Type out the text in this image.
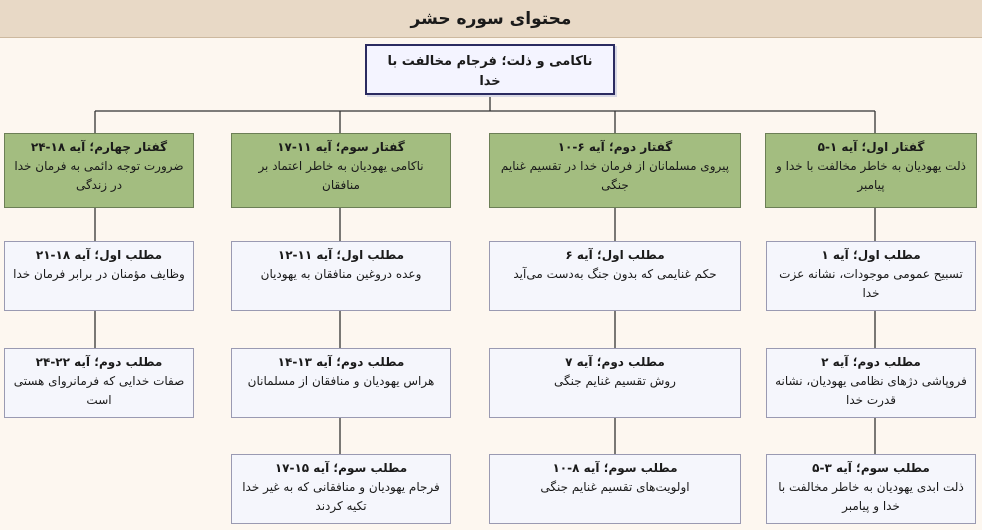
محتوای سوره حشر
ناکامی و ذلت؛ فرجام مخالفت با خدا
گفتار اول؛ آیه ۱-۵
ذلت یهودیان به خاطر مخالفت با خدا و پیامبر
مطلب اول؛ آیه ۱
تسبیح عمومی موجودات، نشانه عزت خدا
مطلب دوم؛ آیه ۲
فروپاشی دژهای نظامی یهودیان، نشانه قدرت خدا
مطلب سوم؛ آیه ۳-۵
ذلت ابدی یهودیان به خاطر مخالفت با خدا و پیامبر
گفتار دوم؛ آیه ۶-۱۰
پیروی مسلمانان از فرمان خدا در تقسیم غنایم جنگی
مطلب اول؛ آیه ۶
حکم غنایمی که بدون جنگ به‌دست می‌آید
مطلب دوم؛ آیه ۷
روش تقسیم غنایم جنگی
مطلب سوم؛ آیه ۸-۱۰
اولویت‌های تقسیم غنایم جنگی
گفتار سوم؛ آیه ۱۱-۱۷
ناکامی یهودیان به خاطر اعتماد بر منافقان
مطلب اول؛ آیه ۱۱-۱۲
وعده دروغین منافقان به یهودیان
مطلب دوم؛ آیه ۱۳-۱۴
هراس یهودیان و منافقان از مسلمانان
مطلب سوم؛ آیه ۱۵-۱۷
فرجام یهودیان و منافقانی که به غیر خدا تکیه کردند
گفتار چهارم؛ آیه ۱۸-۲۴
ضرورت توجه دائمی به فرمان خدا در زندگی
مطلب اول؛ آیه ۱۸-۲۱
وظایف مؤمنان در برابر فرمان خدا
مطلب دوم؛ آیه ۲۲-۲۴
صفات خدایی که فرمانروای هستی است
